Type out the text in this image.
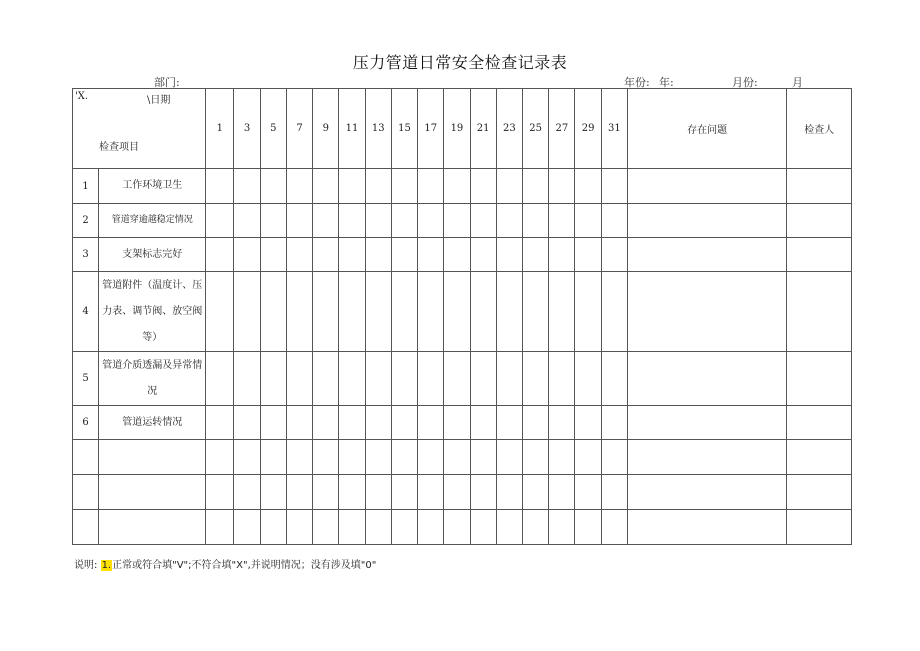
压力管道日常安全检查记录表
部门:	年份: 年:	月份:	月
'X. \日期
检查项目		1	3	5	7	9	11	13	15	17	19	21	23	25	27	29	31	存在问题	检查人
1	工作环境卫生																		
2	管道穿逾越稳定情况																		
3	支架标志完好																		
4	管道附件（温度计、压力表、调节阀、放空阀等）																		
5	管道介质透漏及异常情况																		
6	管道运转情况																		

说明: 1.正常或符合填"V";不符合填"X",并说明情况；没有涉及填"0"
